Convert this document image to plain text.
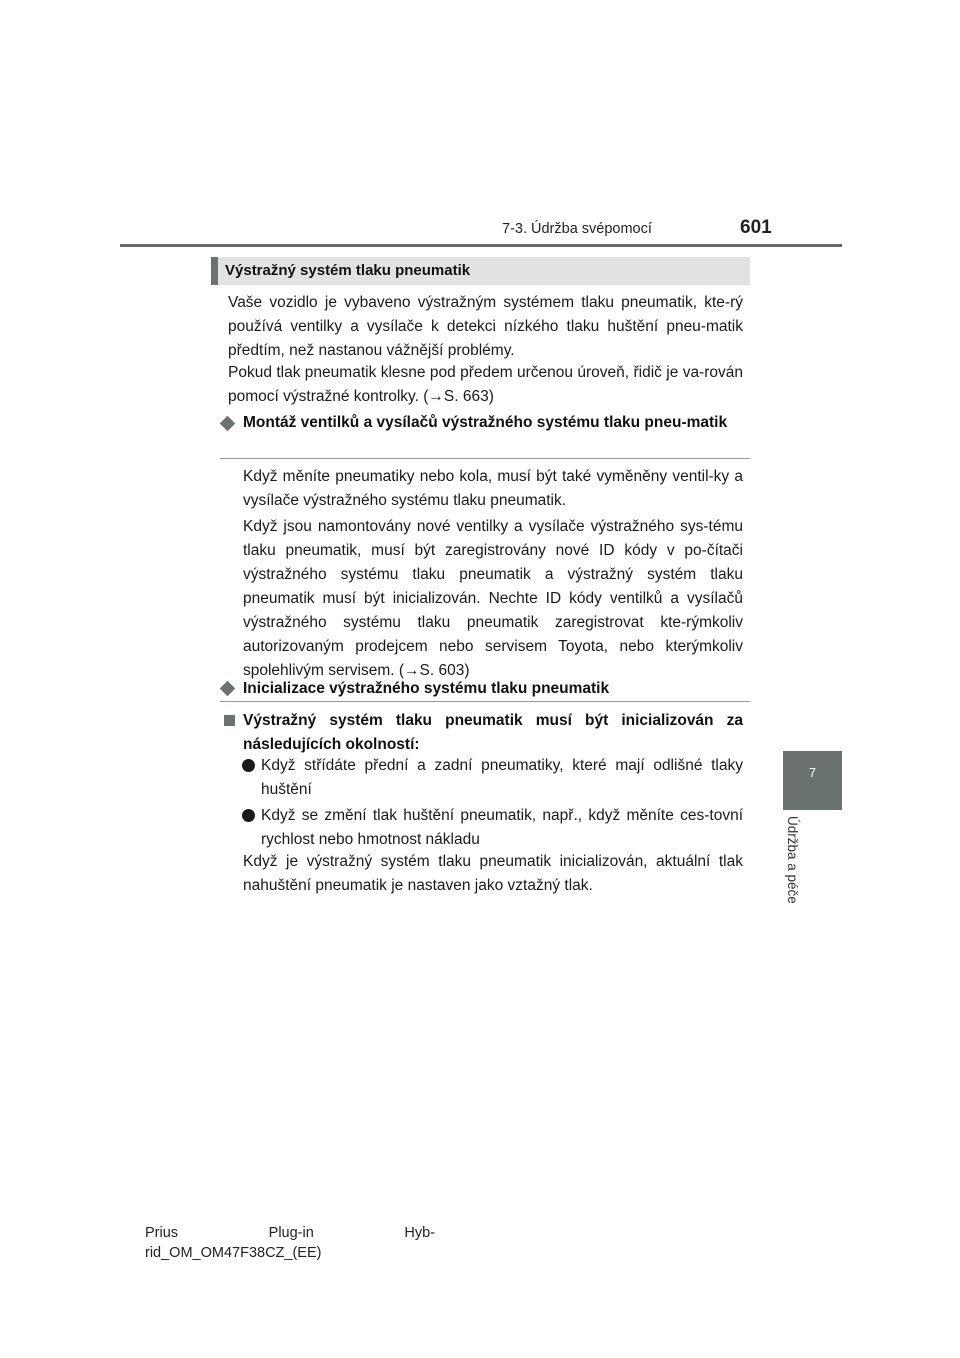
7-3. Údržba svépomocí	601
7
Údržba a péče
Výstražný systém tlaku pneumatik
Vaše vozidlo je vybaveno výstražným systémem tlaku pneumatik, kte-rý používá ventilky a vysílače k detekci nízkého tlaku huštění pneu-matik předtím, než nastanou vážnější problémy.
Pokud tlak pneumatik klesne pod předem určenou úroveň, řidič je va-rován pomocí výstražné kontrolky. (→S. 663)
Montáž ventilků a vysílačů výstražného systému tlaku pneu-matik
Když měníte pneumatiky nebo kola, musí být také vyměněny ventil-ky a vysílače výstražného systému tlaku pneumatik.
Když jsou namontovány nové ventilky a vysílače výstražného sys-tému tlaku pneumatik, musí být zaregistrovány nové ID kódy v po-čítači výstražného systému tlaku pneumatik a výstražný systém tlaku pneumatik musí být inicializován. Nechte ID kódy ventilků a vysílačů výstražného systému tlaku pneumatik zaregistrovat kte-rýmkoliv autorizovaným prodejcem nebo servisem Toyota, nebo kterýmkoliv spolehlivým servisem. (→S. 603)
Inicializace výstražného systému tlaku pneumatik
Výstražný systém tlaku pneumatik musí být inicializován za následujících okolností:
Když střídáte přední a zadní pneumatiky, které mají odlišné tlaky huštění
Když se změní tlak huštění pneumatik, např., když měníte ces-tovní rychlost nebo hmotnost nákladu
Když je výstražný systém tlaku pneumatik inicializován, aktuální tlak nahuštění pneumatik je nastaven jako vztažný tlak.
Prius Plug-in Hyb-
rid_OM_OM47F38CZ_(EE)
